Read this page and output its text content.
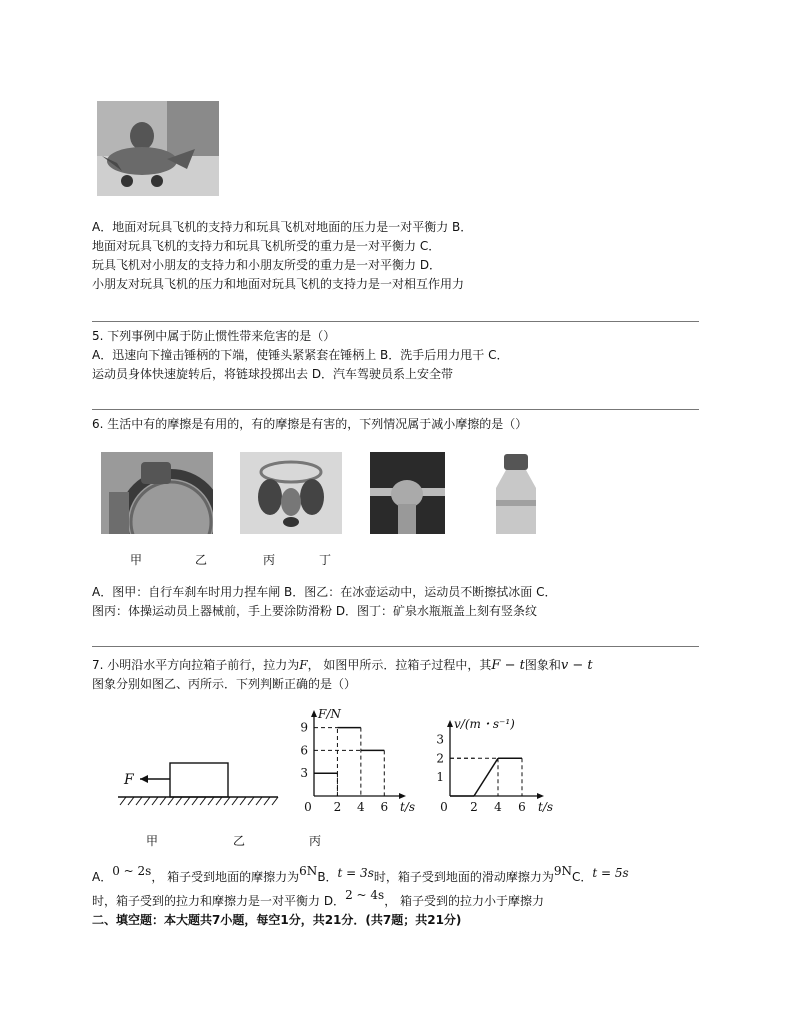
A．地面对玩具飞机的支持力和玩具飞机对地面的压力是一对平衡力 B．
地面对玩具飞机的支持力和玩具飞机所受的重力是一对平衡力 C．
玩具飞机对小朋友的支持力和小朋友所受的重力是一对平衡力 D．
小朋友对玩具飞机的压力和地面对玩具飞机的支持力是一对相互作用力
5. 下列事例中属于防止惯性带来危害的是（）
A．迅速向下撞击锤柄的下端，使锤头紧紧套在锤柄上 B．洗手后用力甩干 C．
运动员身体快速旋转后，将链球投掷出去 D．汽车驾驶员系上安全带
6. 生活中有的摩擦是有用的，有的摩擦是有害的，下列情况属于减小摩擦的是（）
甲	乙	丙	丁
A．图甲：自行车刹车时用力捏车闸 B．图乙：在冰壶运动中，运动员不断擦拭冰面 C．
图丙：体操运动员上器械前，手上要涂防滑粉 D．图丁：矿泉水瓶瓶盖上刻有竖条纹
7. 小明沿水平方向拉箱子前行，拉力为F， 如图甲所示．拉箱子过程中，其F − t图象和v − t
图象分别如图乙、丙所示．下列判断正确的是（）
F	3
6
9
0 2 4 6 t/s
F/N
1
2
3
0 2 4 6 t/s
v/(m・s⁻¹)
甲	乙	丙
A．0 ~ 2s， 箱子受到地面的摩擦力为6NB．t = 3s时，箱子受到地面的滑动摩擦力为9NC．t = 5s
时，箱子受到的拉力和摩擦力是一对平衡力 D．2 ~ 4s， 箱子受到的拉力小于摩擦力
二、填空题：本大题共7小题，每空1分，共21分．(共7题；共21分)
